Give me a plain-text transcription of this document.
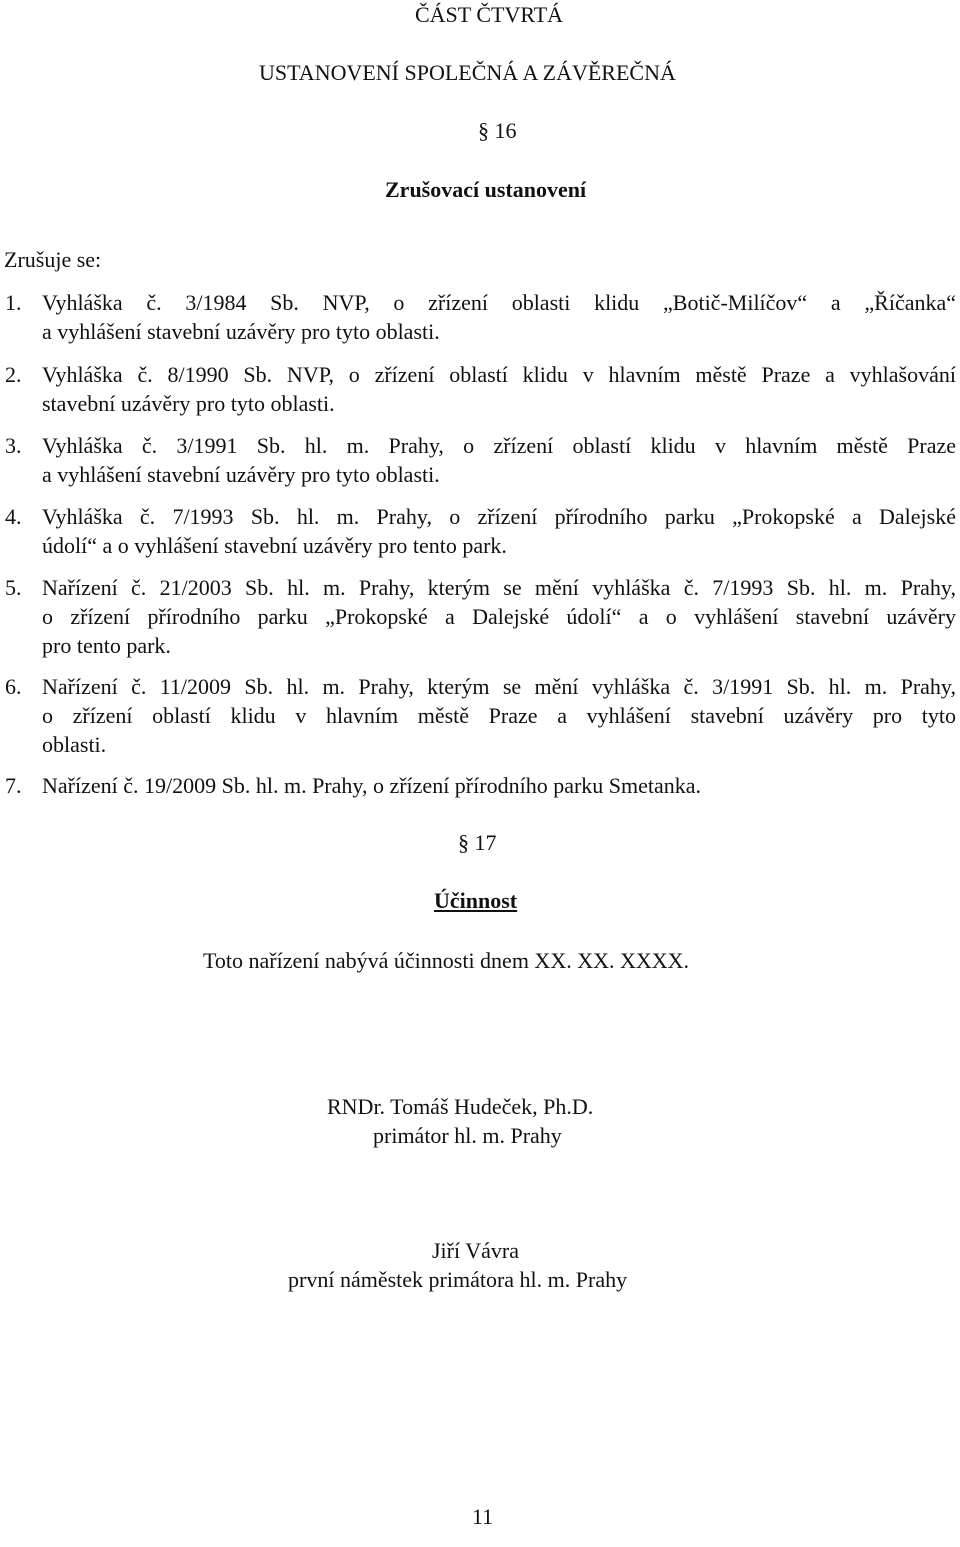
ČÁST ČTVRTÁ
USTANOVENÍ SPOLEČNÁ A ZÁVĚREČNÁ
§ 16
Zrušovací ustanovení
Zrušuje se:
1. Vyhláška č. 3/1984 Sb. NVP, o zřízení oblasti klidu „Botič-Milíčov“ a „Říčanka“
a vyhlášení stavební uzávěry pro tyto oblasti.
2. Vyhláška č. 8/1990 Sb. NVP, o zřízení oblastí klidu v hlavním městě Praze a vyhlašování
stavební uzávěry pro tyto oblasti.
3. Vyhláška č. 3/1991 Sb. hl. m. Prahy, o zřízení oblastí klidu v hlavním městě Praze
a vyhlášení stavební uzávěry pro tyto oblasti.
4. Vyhláška č. 7/1993 Sb. hl. m. Prahy, o zřízení přírodního parku „Prokopské a Dalejské
údolí“ a o vyhlášení stavební uzávěry pro tento park.
5. Nařízení č. 21/2003 Sb. hl. m. Prahy, kterým se mění vyhláška č. 7/1993 Sb. hl. m. Prahy,
o zřízení přírodního parku „Prokopské a Dalejské údolí“ a o vyhlášení stavební uzávěry
pro tento park.
6. Nařízení č. 11/2009 Sb. hl. m. Prahy, kterým se mění vyhláška č. 3/1991 Sb. hl. m. Prahy,
o zřízení oblastí klidu v hlavním městě Praze a vyhlášení stavební uzávěry pro tyto
oblasti.
7. Nařízení č. 19/2009 Sb. hl. m. Prahy, o zřízení přírodního parku Smetanka.
§ 17
Účinnost
Toto nařízení nabývá účinnosti dnem XX. XX. XXXX.
RNDr. Tomáš Hudeček, Ph.D.
primátor hl. m. Prahy
Jiří Vávra
první náměstek primátora hl. m. Prahy
11
